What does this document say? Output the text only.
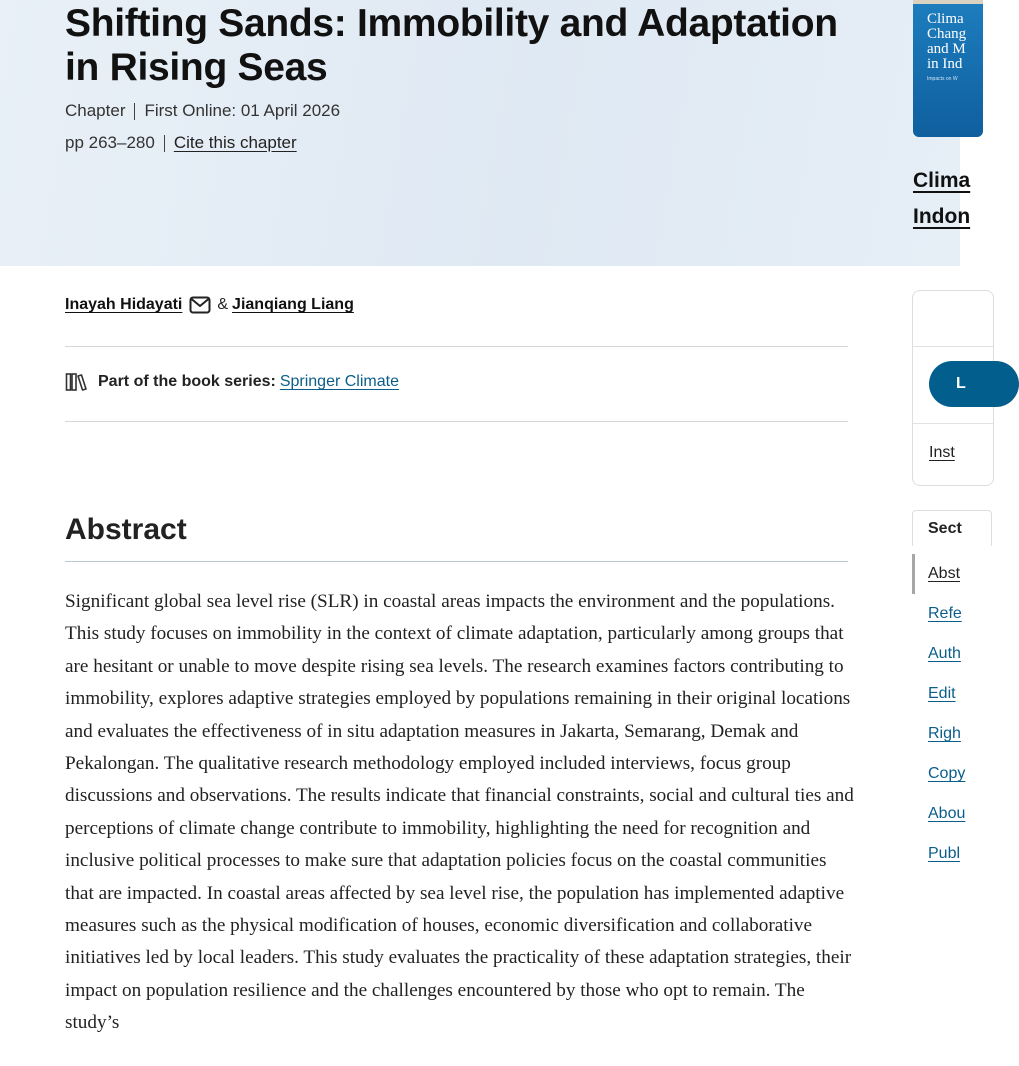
Shifting Sands: Immobility and Adaptation in Rising Seas
Chapter First Online: 01 April 2026
pp 263–280 Cite this chapter
Clima
Chang
and M
in Ind
Impacts on W
Clima
Indon
Inayah Hidayati & Jianqiang Liang
Part of the book series: Springer Climate
Abstract

Significant global sea level rise (SLR) in coastal areas impacts the environment and the populations. This study focuses on immobility in the context of climate adaptation, particularly among groups that are hesitant or unable to move despite rising sea levels. The research examines factors contributing to immobility, explores adaptive strategies employed by populations remaining in their original locations and evaluates the effectiveness of in situ adaptation measures in Jakarta, Semarang, Demak and Pekalongan. The qualitative research methodology employed included interviews, focus group discussions and observations. The results indicate that financial constraints, social and cultural ties and perceptions of climate change contribute to immobility, highlighting the need for recognition and inclusive political processes to make sure that adaptation policies focus on the coastal communities that are impacted. In coastal areas affected by sea level rise, the population has implemented adaptive measures such as the physical modification of houses, economic diversification and collaborative initiatives led by local leaders. This study evaluates the practicality of these adaptation strategies, their impact on population resilience and the challenges encountered by those who opt to remain. The study’s

L
Inst
Sect
Abst
Refe
Auth
Edit
Righ
Copy
Abou
Publ
